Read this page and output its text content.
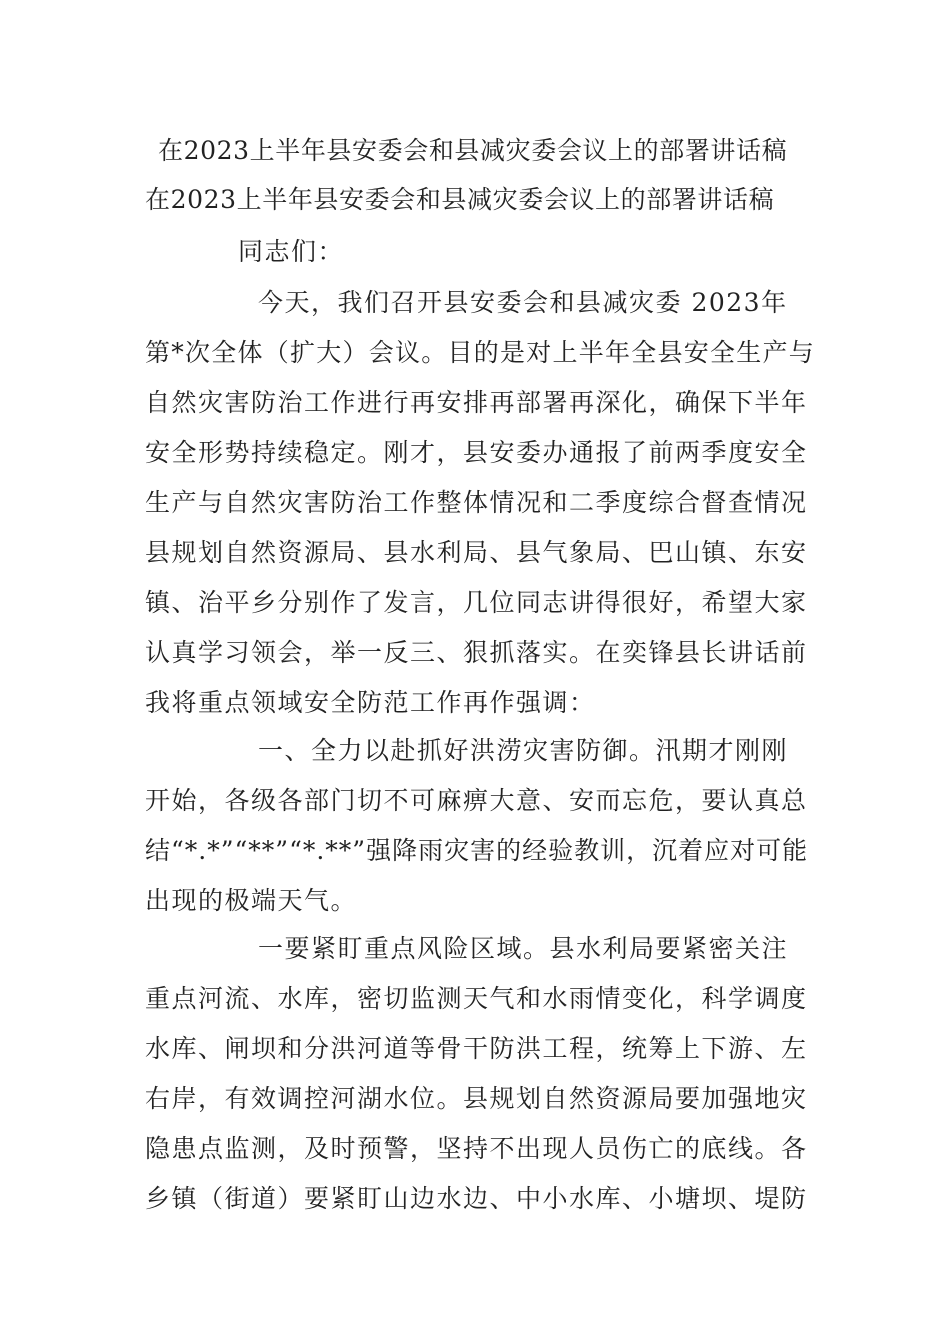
在2023上半年县安委会和县减灾委会议上的部署讲话稿
在2023上半年县安委会和县减灾委会议上的部署讲话稿
同志们：
今天，我们召开县安委会和县减灾委 2023年
第*次全体（扩大）会议。目的是对上半年全县安全生产与
自然灾害防治工作进行再安排再部署再深化，确保下半年
安全形势持续稳定。刚才，县安委办通报了前两季度安全
生产与自然灾害防治工作整体情况和二季度综合督查情况
县规划自然资源局、县水利局、县气象局、巴山镇、东安
镇、治平乡分别作了发言，几位同志讲得很好，希望大家
认真学习领会，举一反三、狠抓落实。在奕锋县长讲话前
我将重点领域安全防范工作再作强调：
一、全力以赴抓好洪涝灾害防御。汛期才刚刚
开始，各级各部门切不可麻痹大意、安而忘危，要认真总
结“*.*”“**”“*.**”强降雨灾害的经验教训，沉着应对可能
出现的极端天气。
一要紧盯重点风险区域。县水利局要紧密关注
重点河流、水库，密切监测天气和水雨情变化，科学调度
水库、闸坝和分洪河道等骨干防洪工程，统筹上下游、左
右岸，有效调控河湖水位。县规划自然资源局要加强地灾
隐患点监测，及时预警，坚持不出现人员伤亡的底线。各
乡镇（街道）要紧盯山边水边、中小水库、小塘坝、堤防
